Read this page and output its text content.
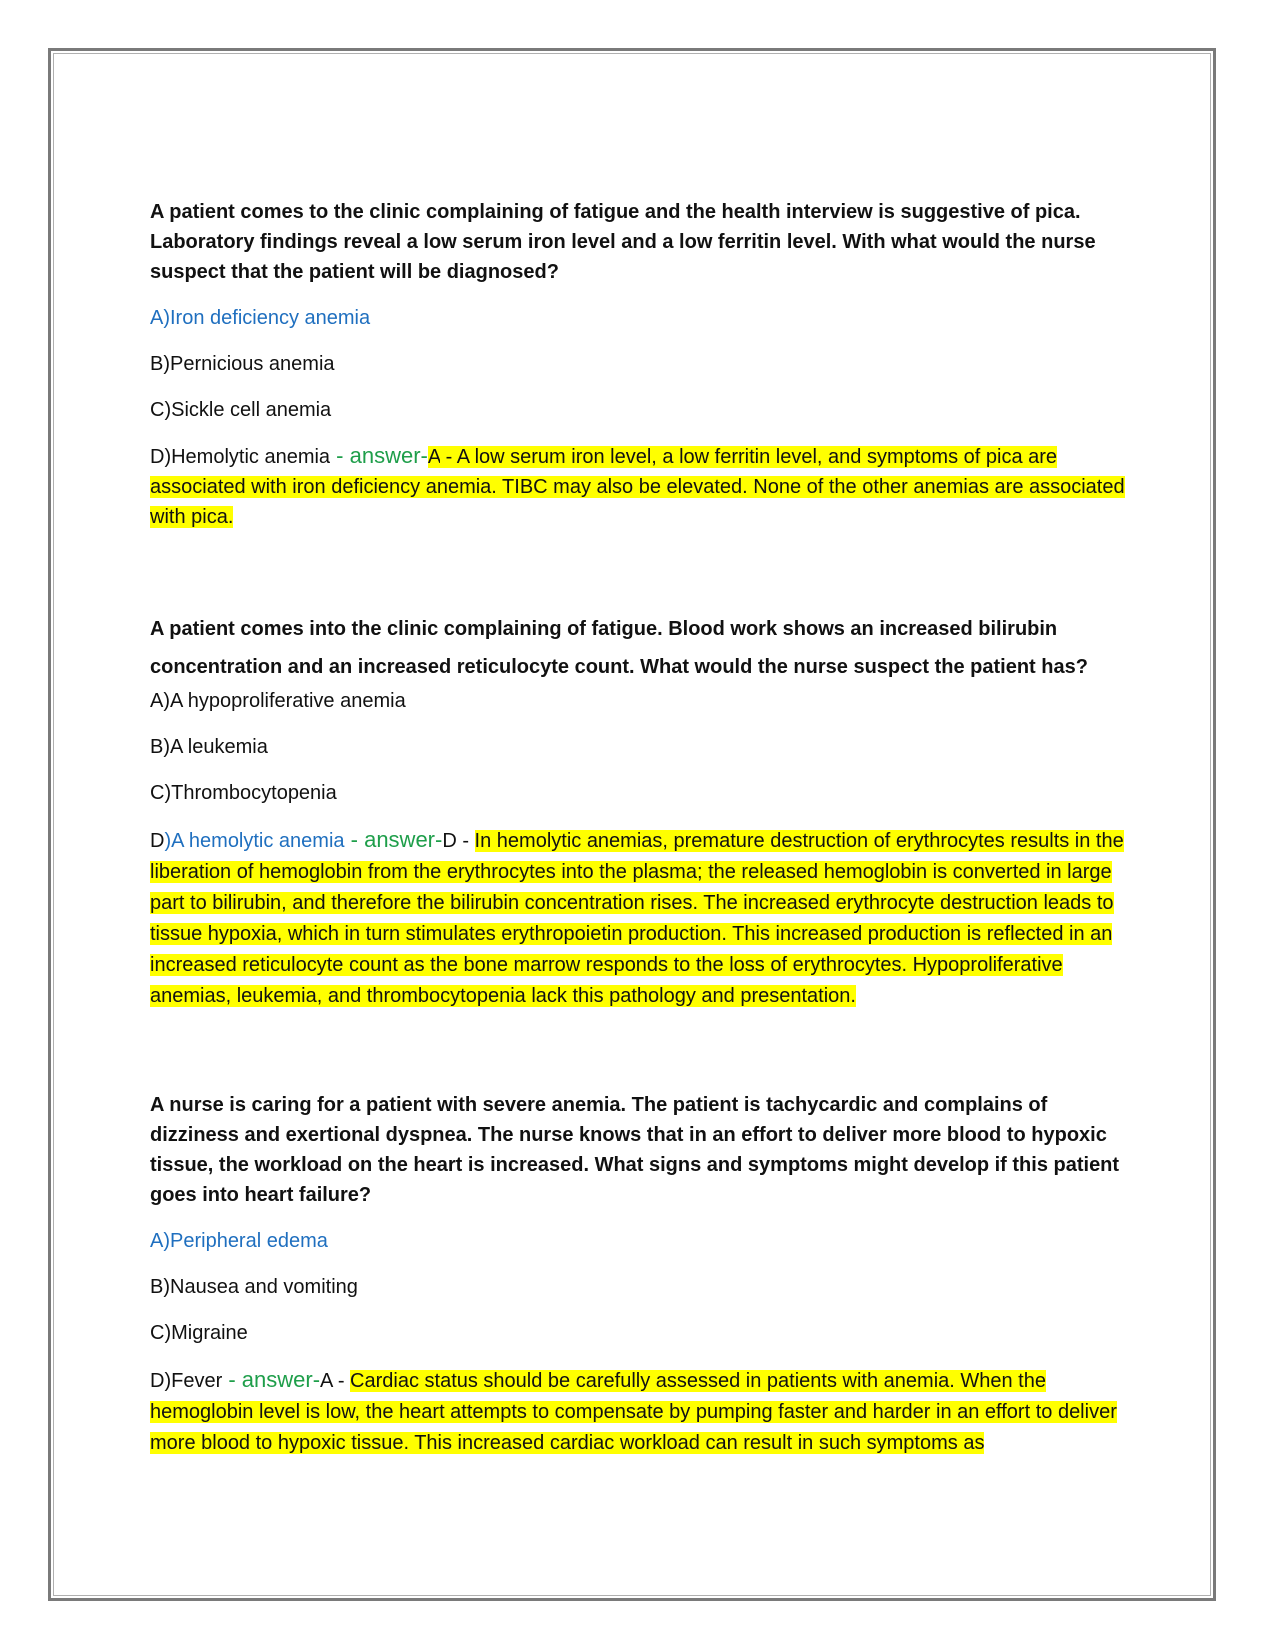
A patient comes to the clinic complaining of fatigue and the health interview is suggestive of pica. Laboratory findings reveal a low serum iron level and a low ferritin level. With what would the nurse suspect that the patient will be diagnosed?

A)Iron deficiency anemia

B)Pernicious anemia

C)Sickle cell anemia

D)Hemolytic anemia - answer-A - A low serum iron level, a low ferritin level, and symptoms of pica are associated with iron deficiency anemia. TIBC may also be elevated. None of the other anemias are associated with pica.

A patient comes into the clinic complaining of fatigue. Blood work shows an increased bilirubin concentration and an increased reticulocyte count. What would the nurse suspect the patient has?

A)A hypoproliferative anemia

B)A leukemia

C)Thrombocytopenia

D)A hemolytic anemia - answer-D - In hemolytic anemias, premature destruction of erythrocytes results in the liberation of hemoglobin from the erythrocytes into the plasma; the released hemoglobin is converted in large part to bilirubin, and therefore the bilirubin concentration rises. The increased erythrocyte destruction leads to tissue hypoxia, which in turn stimulates erythropoietin production. This increased production is reflected in an increased reticulocyte count as the bone marrow responds to the loss of erythrocytes. Hypoproliferative anemias, leukemia, and thrombocytopenia lack this pathology and presentation.

A nurse is caring for a patient with severe anemia. The patient is tachycardic and complains of dizziness and exertional dyspnea. The nurse knows that in an effort to deliver more blood to hypoxic tissue, the workload on the heart is increased. What signs and symptoms might develop if this patient goes into heart failure?

A)Peripheral edema

B)Nausea and vomiting

C)Migraine

D)Fever - answer-A - Cardiac status should be carefully assessed in patients with anemia. When the hemoglobin level is low, the heart attempts to compensate by pumping faster and harder in an effort to deliver more blood to hypoxic tissue. This increased cardiac workload can result in such symptoms as
